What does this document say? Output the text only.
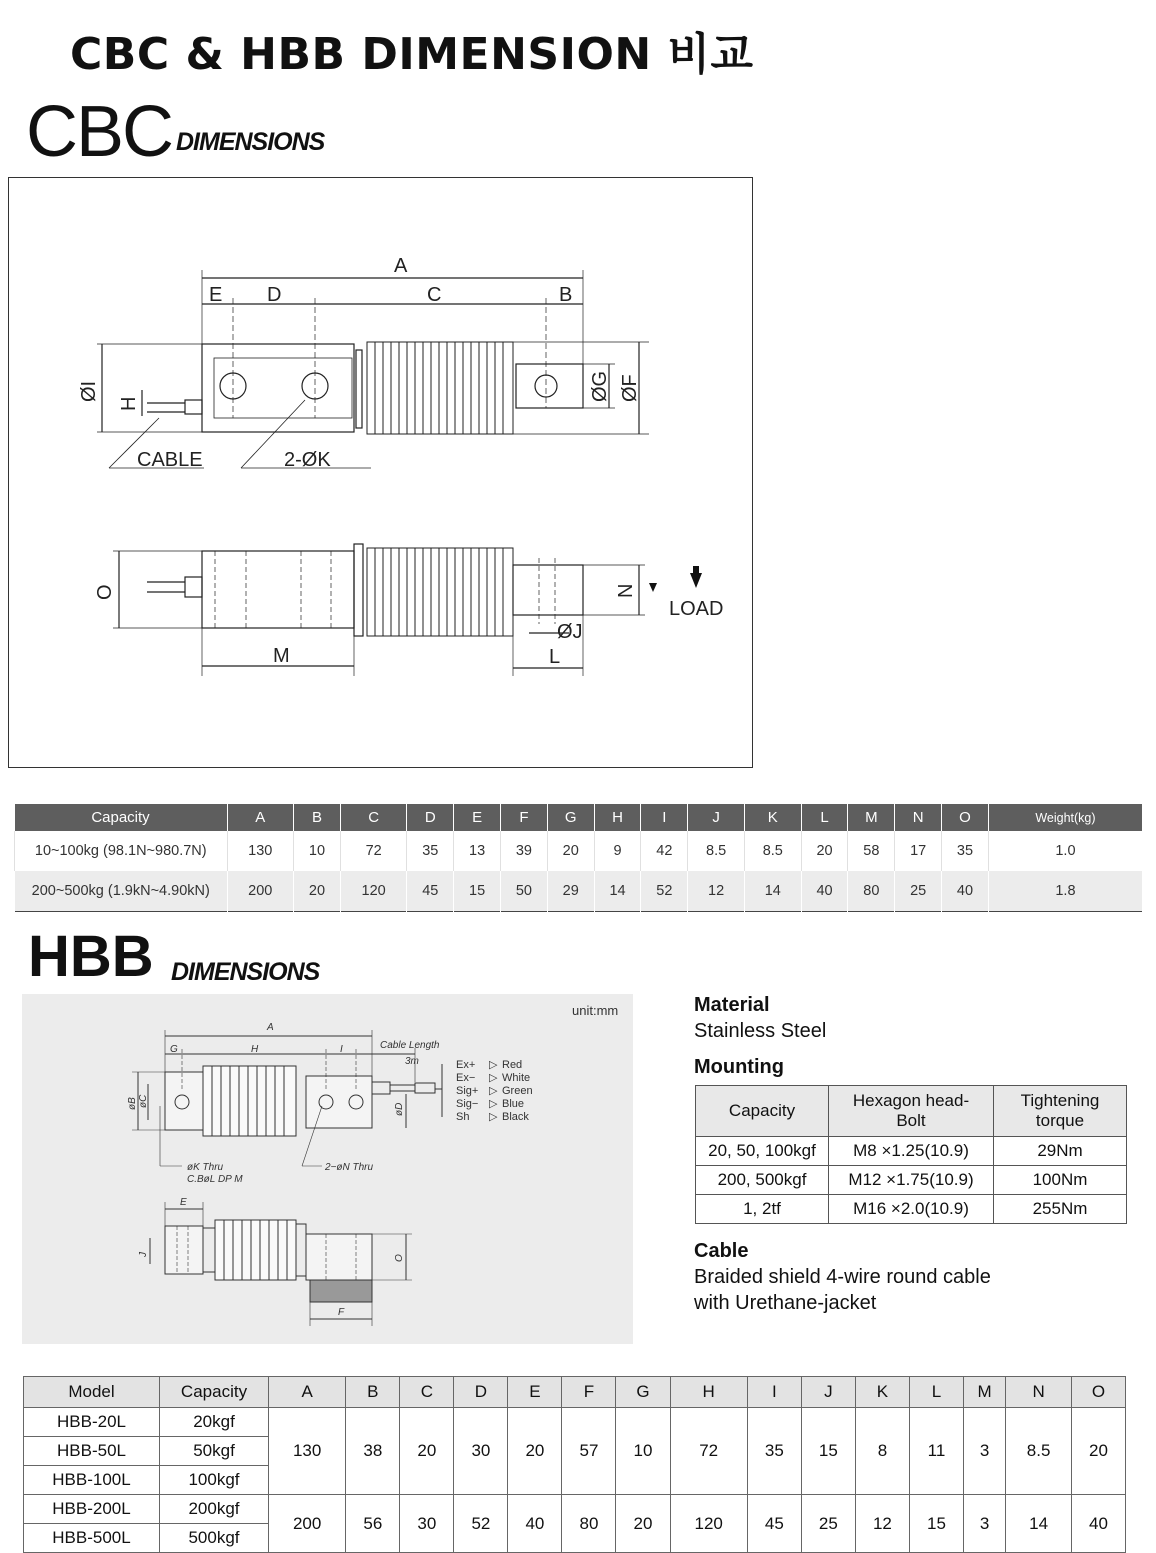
CBC & HBB DIMENSION 비교
CBC DIMENSIONS
A
E D	C	B
ØI
H
ØG ØF
CABLE	2-ØK
O	N
M
ØJ
L
LOAD
Capacity	A	B	C	D	E	F	G	H	I	J	K	L	M	N	O	Weight(kg)
10~100kg (98.1N~980.7N)	130	10	72	35	13	39	20	9	42	8.5	8.5	20	58	17	35	1.0
200~500kg (1.9kN~4.90kN)	200	20	120	45	15	50	29	14	52	12	14	40	80	25	40	1.8
HBB DIMENSIONS
unit:mm
A
G	H	I	Cable Length
3m
øB øC
øD
øK Thru
C.BøL DP M
2−øN Thru
E
J	O
F
Ex+ ▷ Red
Ex− ▷ White
Sig+ ▷ Green
Sig− ▷ Blue
Sh ▷ Black
Material
Stainless Steel
Mounting
Capacity	Hexagon head-Bolt	Tightening torque

20, 50, 100kgf	M8 ×1.25(10.9)	29Nm
200, 500kgf	M12 ×1.75(10.9)	100Nm
1, 2tf	M16 ×2.0(10.9)	255Nm
Cable
Braided shield 4-wire round cable
with Urethane-jacket
Model	Capacity	A	B	C	D	E	F	G	H	I	J	K	L	M	N	O
HBB-20L	20kgf	130	38	20	30	20	57	10	72	35	15	8	11	3	8.5	20
HBB-50L	50kgf															
HBB-100L	100kgf															
HBB-200L	200kgf	200	56	30	52	40	80	20	120	45	25	12	15	3	14	40
HBB-500L	500kgf															
